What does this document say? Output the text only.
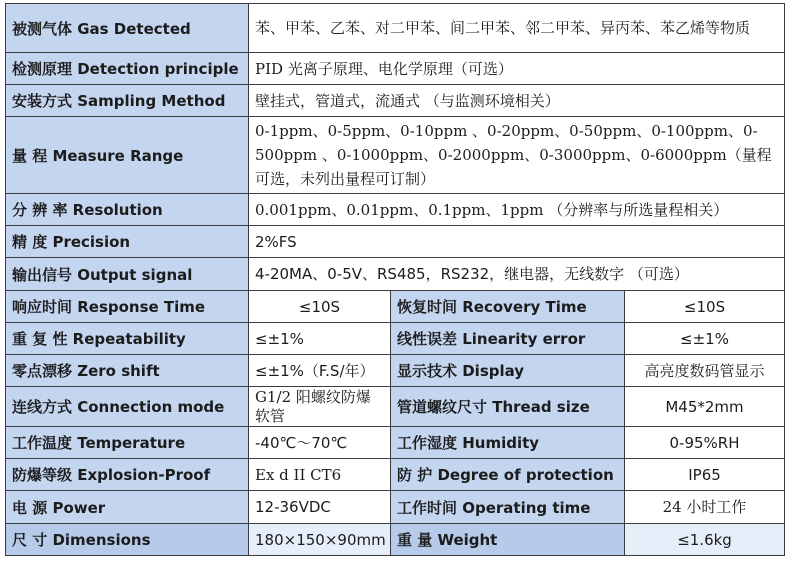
被测气体 Gas Detected	苯、甲苯、乙苯、对二甲苯、间二甲苯、邻二甲苯、异丙苯、苯乙烯等物质		
检测原理 Detection principle	PID 光离子原理、电化学原理（可选）		
安装方式 Sampling Method	壁挂式，管道式，流通式 （与监测环境相关）		
量 程 Measure Range	0-1ppm、0-5ppm、0-10ppm 、0-20ppm、0-50ppm、0-100ppm、0-500ppm 、0-1000ppm、0-2000ppm、0-3000ppm、0-6000ppm（量程可选，未列出量程可订制）		
分 辨 率 Resolution	0.001ppm、0.01ppm、0.1ppm、1ppm （分辨率与所选量程相关）		
精 度 Precision	2%FS		
输出信号 Output signal	4-20MA、0-5V、RS485，RS232，继电器，无线数字 （可选）		
响应时间 Response Time	≤10S	恢复时间 Recovery Time	≤10S
重 复 性 Repeatability	≤±1%	线性误差 Linearity error	≤±1%
零点漂移 Zero shift	≤±1%（F.S/年）	显示技术 Display	高亮度数码管显示
连线方式 Connection mode	G1/2 阳螺纹防爆软管	管道螺纹尺寸 Thread size	M45*2mm
工作温度 Temperature	-40℃～70℃	工作湿度 Humidity	0-95%RH
防爆等级 Explosion-Proof	Ex d II CT6	防 护 Degree of protection	IP65
电 源 Power	12-36VDC	工作时间 Operating time	24 小时工作
尺 寸 Dimensions	180×150×90mm	重 量 Weight	≤1.6kg
